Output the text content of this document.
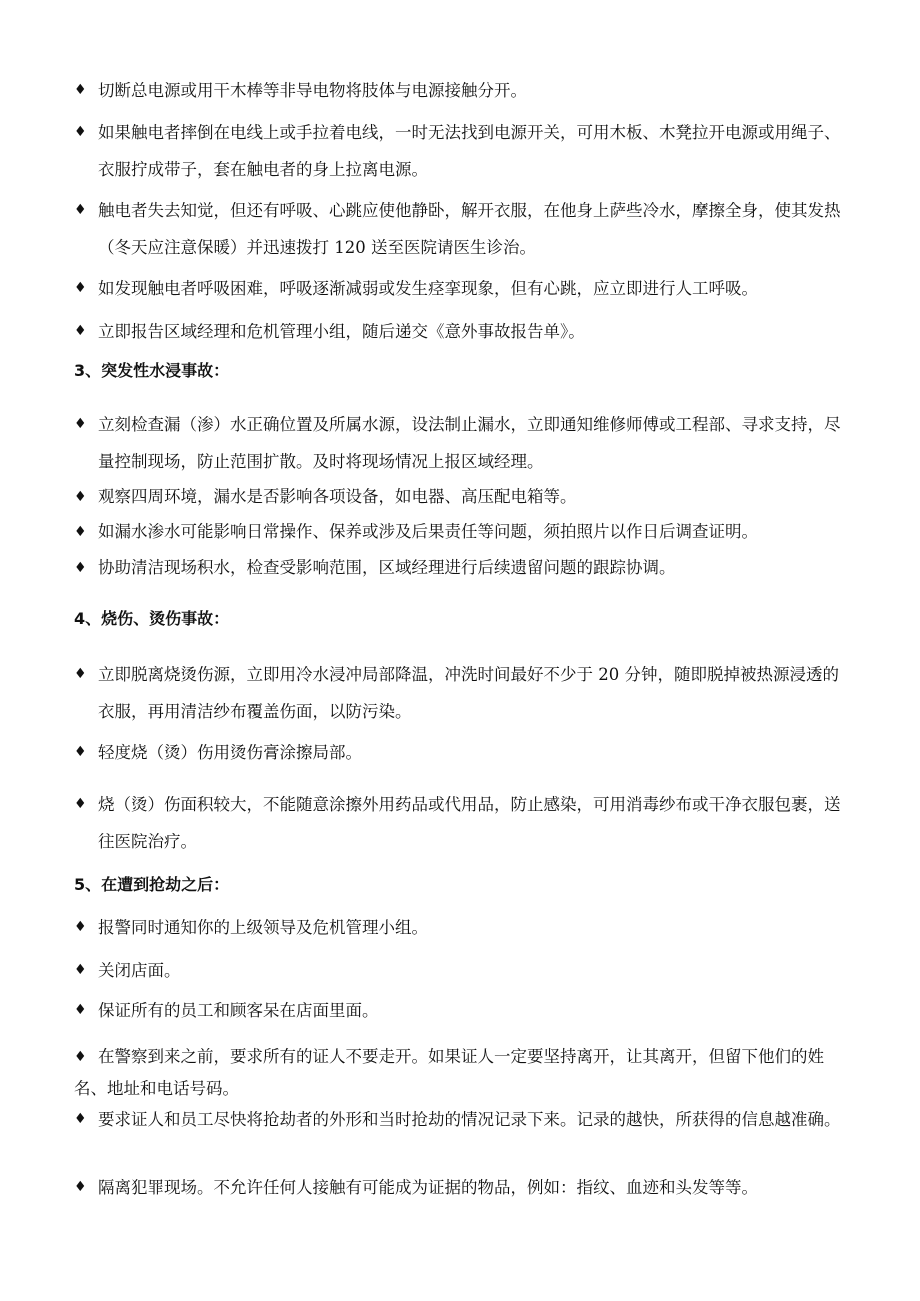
♦ 切断总电源或用干木棒等非导电物将肢体与电源接触分开。
♦ 如果触电者摔倒在电线上或手拉着电线，一时无法找到电源开关，可用木板、木凳拉开电源或用绳子、衣服拧成带子，套在触电者的身上拉离电源。
♦ 触电者失去知觉，但还有呼吸、心跳应使他静卧，解开衣服，在他身上萨些冷水，摩擦全身，使其发热（冬天应注意保暖）并迅速拨打 120 送至医院请医生诊治。
♦ 如发现触电者呼吸困难，呼吸逐渐减弱或发生痉挛现象，但有心跳，应立即进行人工呼吸。
♦ 立即报告区域经理和危机管理小组，随后递交《意外事故报告单》。
3、突发性水浸事故：
♦ 立刻检查漏（渗）水正确位置及所属水源，设法制止漏水，立即通知维修师傅或工程部、寻求支持，尽量控制现场，防止范围扩散。及时将现场情况上报区域经理。
♦ 观察四周环境，漏水是否影响各项设备，如电器、高压配电箱等。
♦ 如漏水渗水可能影响日常操作、保养或涉及后果责任等问题，须拍照片以作日后调查证明。
♦ 协助清洁现场积水，检查受影响范围，区域经理进行后续遗留问题的跟踪协调。
4、烧伤、烫伤事故：
♦ 立即脱离烧烫伤源，立即用冷水浸冲局部降温，冲洗时间最好不少于 20 分钟，随即脱掉被热源浸透的衣服，再用清洁纱布覆盖伤面，以防污染。
♦ 轻度烧（烫）伤用烫伤膏涂擦局部。
♦ 烧（烫）伤面积较大，不能随意涂擦外用药品或代用品，防止感染，可用消毒纱布或干净衣服包裹，送往医院治疗。
5、在遭到抢劫之后：
♦ 报警同时通知你的上级领导及危机管理小组。
♦ 关闭店面。
♦ 保证所有的员工和顾客呆在店面里面。
♦ 在警察到来之前，要求所有的证人不要走开。如果证人一定要坚持离开，让其离开，但留下他们的姓名、地址和电话号码。
♦ 要求证人和员工尽快将抢劫者的外形和当时抢劫的情况记录下来。记录的越快，所获得的信息越准确。
♦ 隔离犯罪现场。不允许任何人接触有可能成为证据的物品，例如：指纹、血迹和头发等等。
